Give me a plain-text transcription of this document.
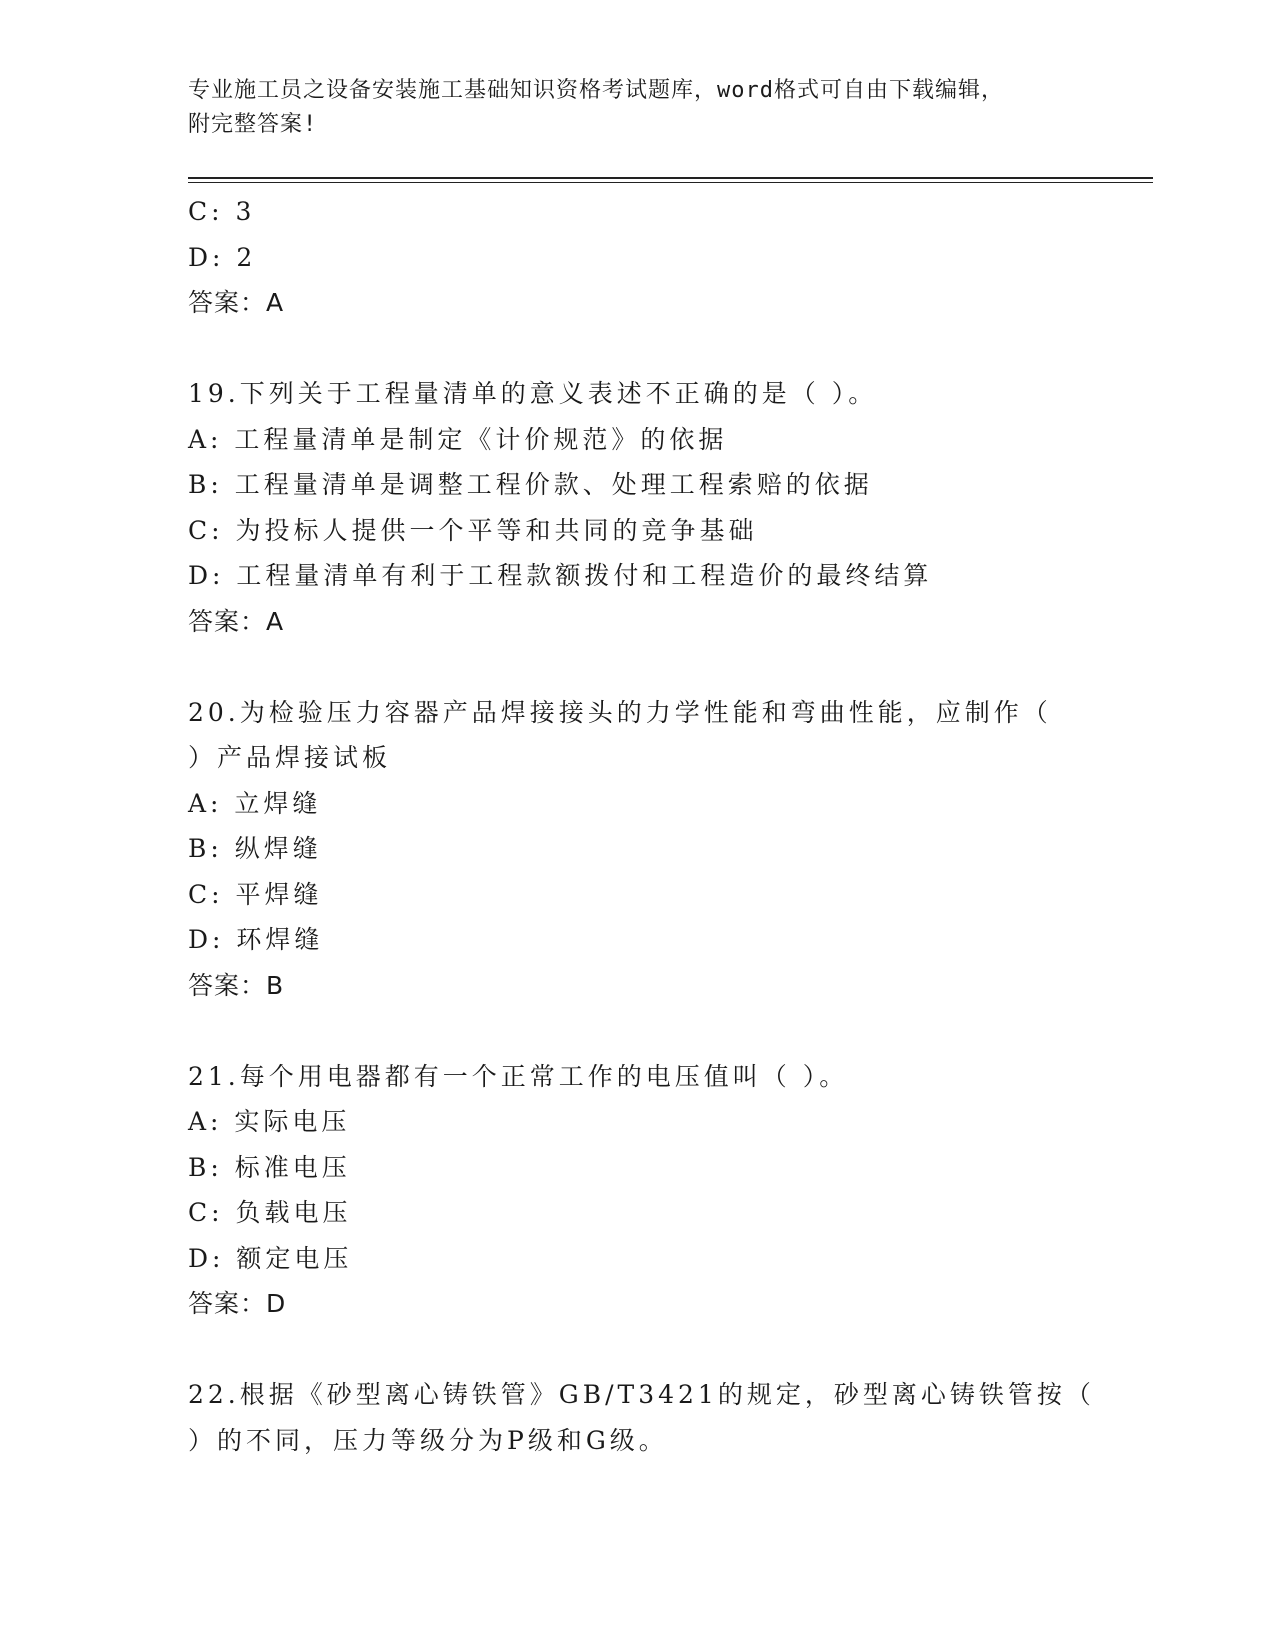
专业施工员之设备安装施工基础知识资格考试题库，word格式可自由下载编辑，
附完整答案!
C: 3
D: 2
答案：A
19.下列关于工程量清单的意义表述不正确的是（ ）。
A: 工程量清单是制定《计价规范》的依据
B: 工程量清单是调整工程价款、处理工程索赔的依据
C: 为投标人提供一个平等和共同的竞争基础
D: 工程量清单有利于工程款额拨付和工程造价的最终结算
答案：A
20.为检验压力容器产品焊接接头的力学性能和弯曲性能，应制作（
）产品焊接试板
A: 立焊缝
B: 纵焊缝
C: 平焊缝
D: 环焊缝
答案：B
21.每个用电器都有一个正常工作的电压值叫（ ）。
A: 实际电压
B: 标准电压
C: 负载电压
D: 额定电压
答案：D
22.根据《砂型离心铸铁管》GB/T3421的规定，砂型离心铸铁管按（
）的不同，压力等级分为P级和G级。
